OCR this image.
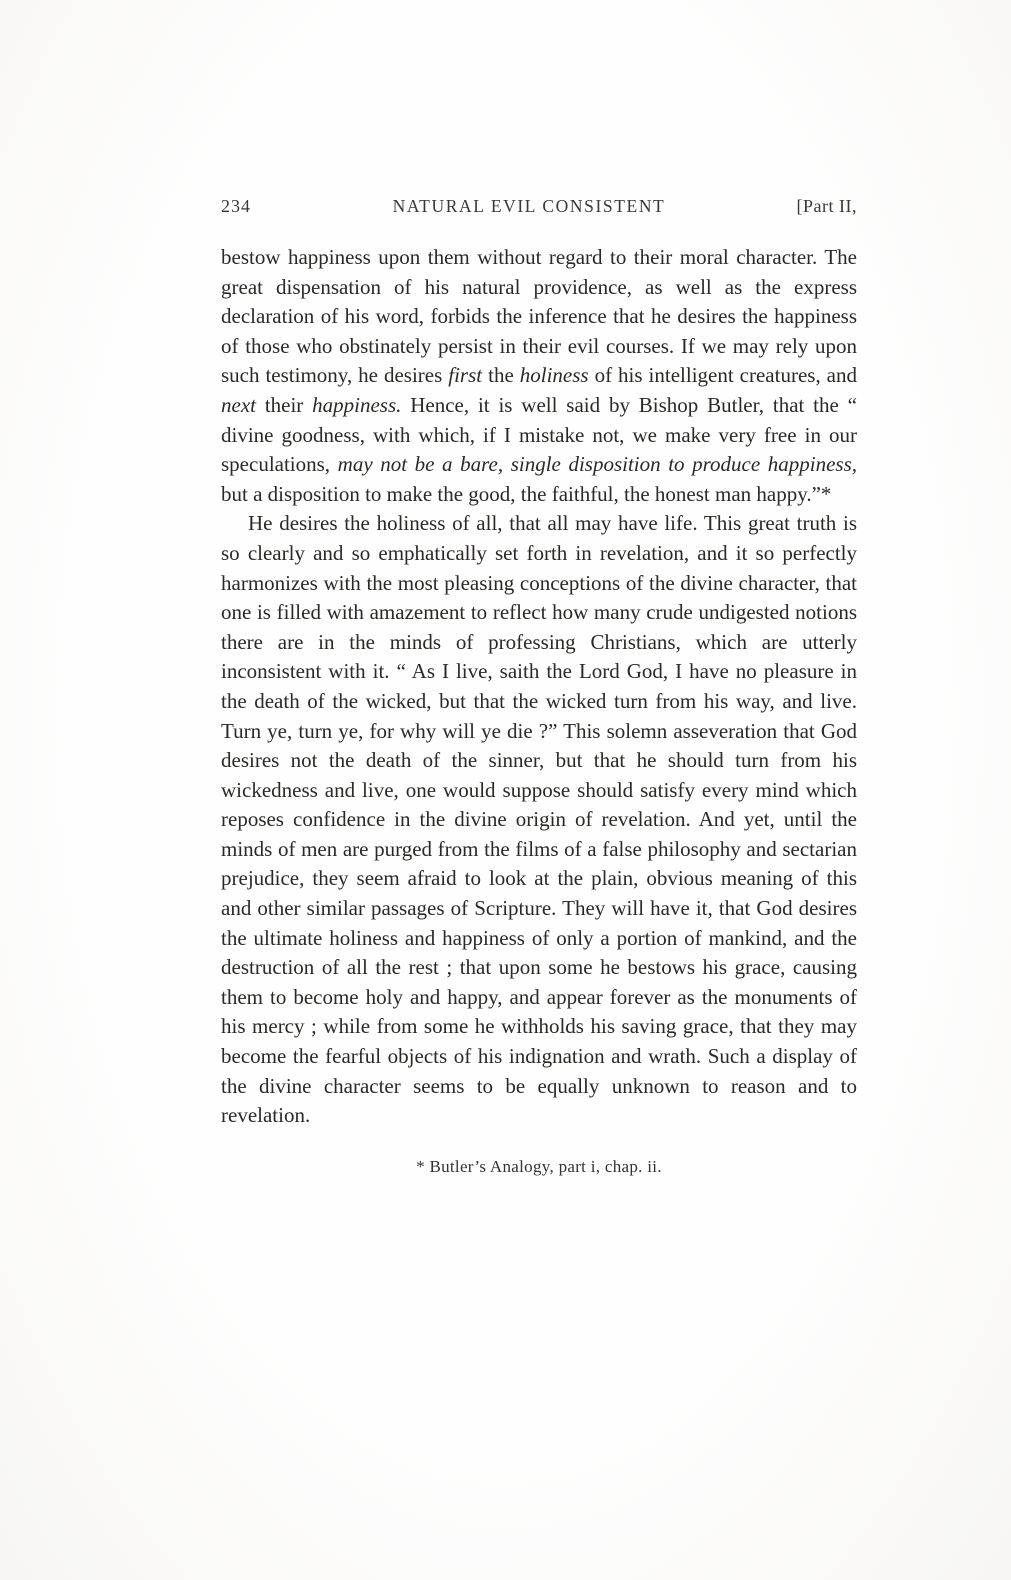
234	NATURAL EVIL CONSISTENT	[Part II,

bestow happiness upon them without regard to their moral character. The great dispensation of his natural providence, as well as the express declaration of his word, forbids the inference that he desires the happiness of those who obstinately persist in their evil courses. If we may rely upon such testimony, he desires first the holiness of his intelligent creatures, and next their happiness. Hence, it is well said by Bishop Butler, that the “ divine goodness, with which, if I mistake not, we make very free in our speculations, may not be a bare, single disposition to produce happiness, but a disposition to make the good, the faithful, the honest man happy.”*

He desires the holiness of all, that all may have life. This great truth is so clearly and so emphatically set forth in revelation, and it so perfectly harmonizes with the most pleasing conceptions of the divine character, that one is filled with amazement to reflect how many crude undigested notions there are in the minds of professing Christians, which are utterly inconsistent with it. “ As I live, saith the Lord God, I have no pleasure in the death of the wicked, but that the wicked turn from his way, and live. Turn ye, turn ye, for why will ye die ?” This solemn asseveration that God desires not the death of the sinner, but that he should turn from his wickedness and live, one would suppose should satisfy every mind which reposes confidence in the divine origin of revelation. And yet, until the minds of men are purged from the films of a false philosophy and sectarian prejudice, they seem afraid to look at the plain, obvious meaning of this and other similar passages of Scripture. They will have it, that God desires the ultimate holiness and happiness of only a portion of mankind, and the destruction of all the rest ; that upon some he bestows his grace, causing them to become holy and happy, and appear forever as the monuments of his mercy ; while from some he withholds his saving grace, that they may become the fearful objects of his indignation and wrath. Such a display of the divine character seems to be equally unknown to reason and to revelation.

* Butler’s Analogy, part i, chap. ii.
